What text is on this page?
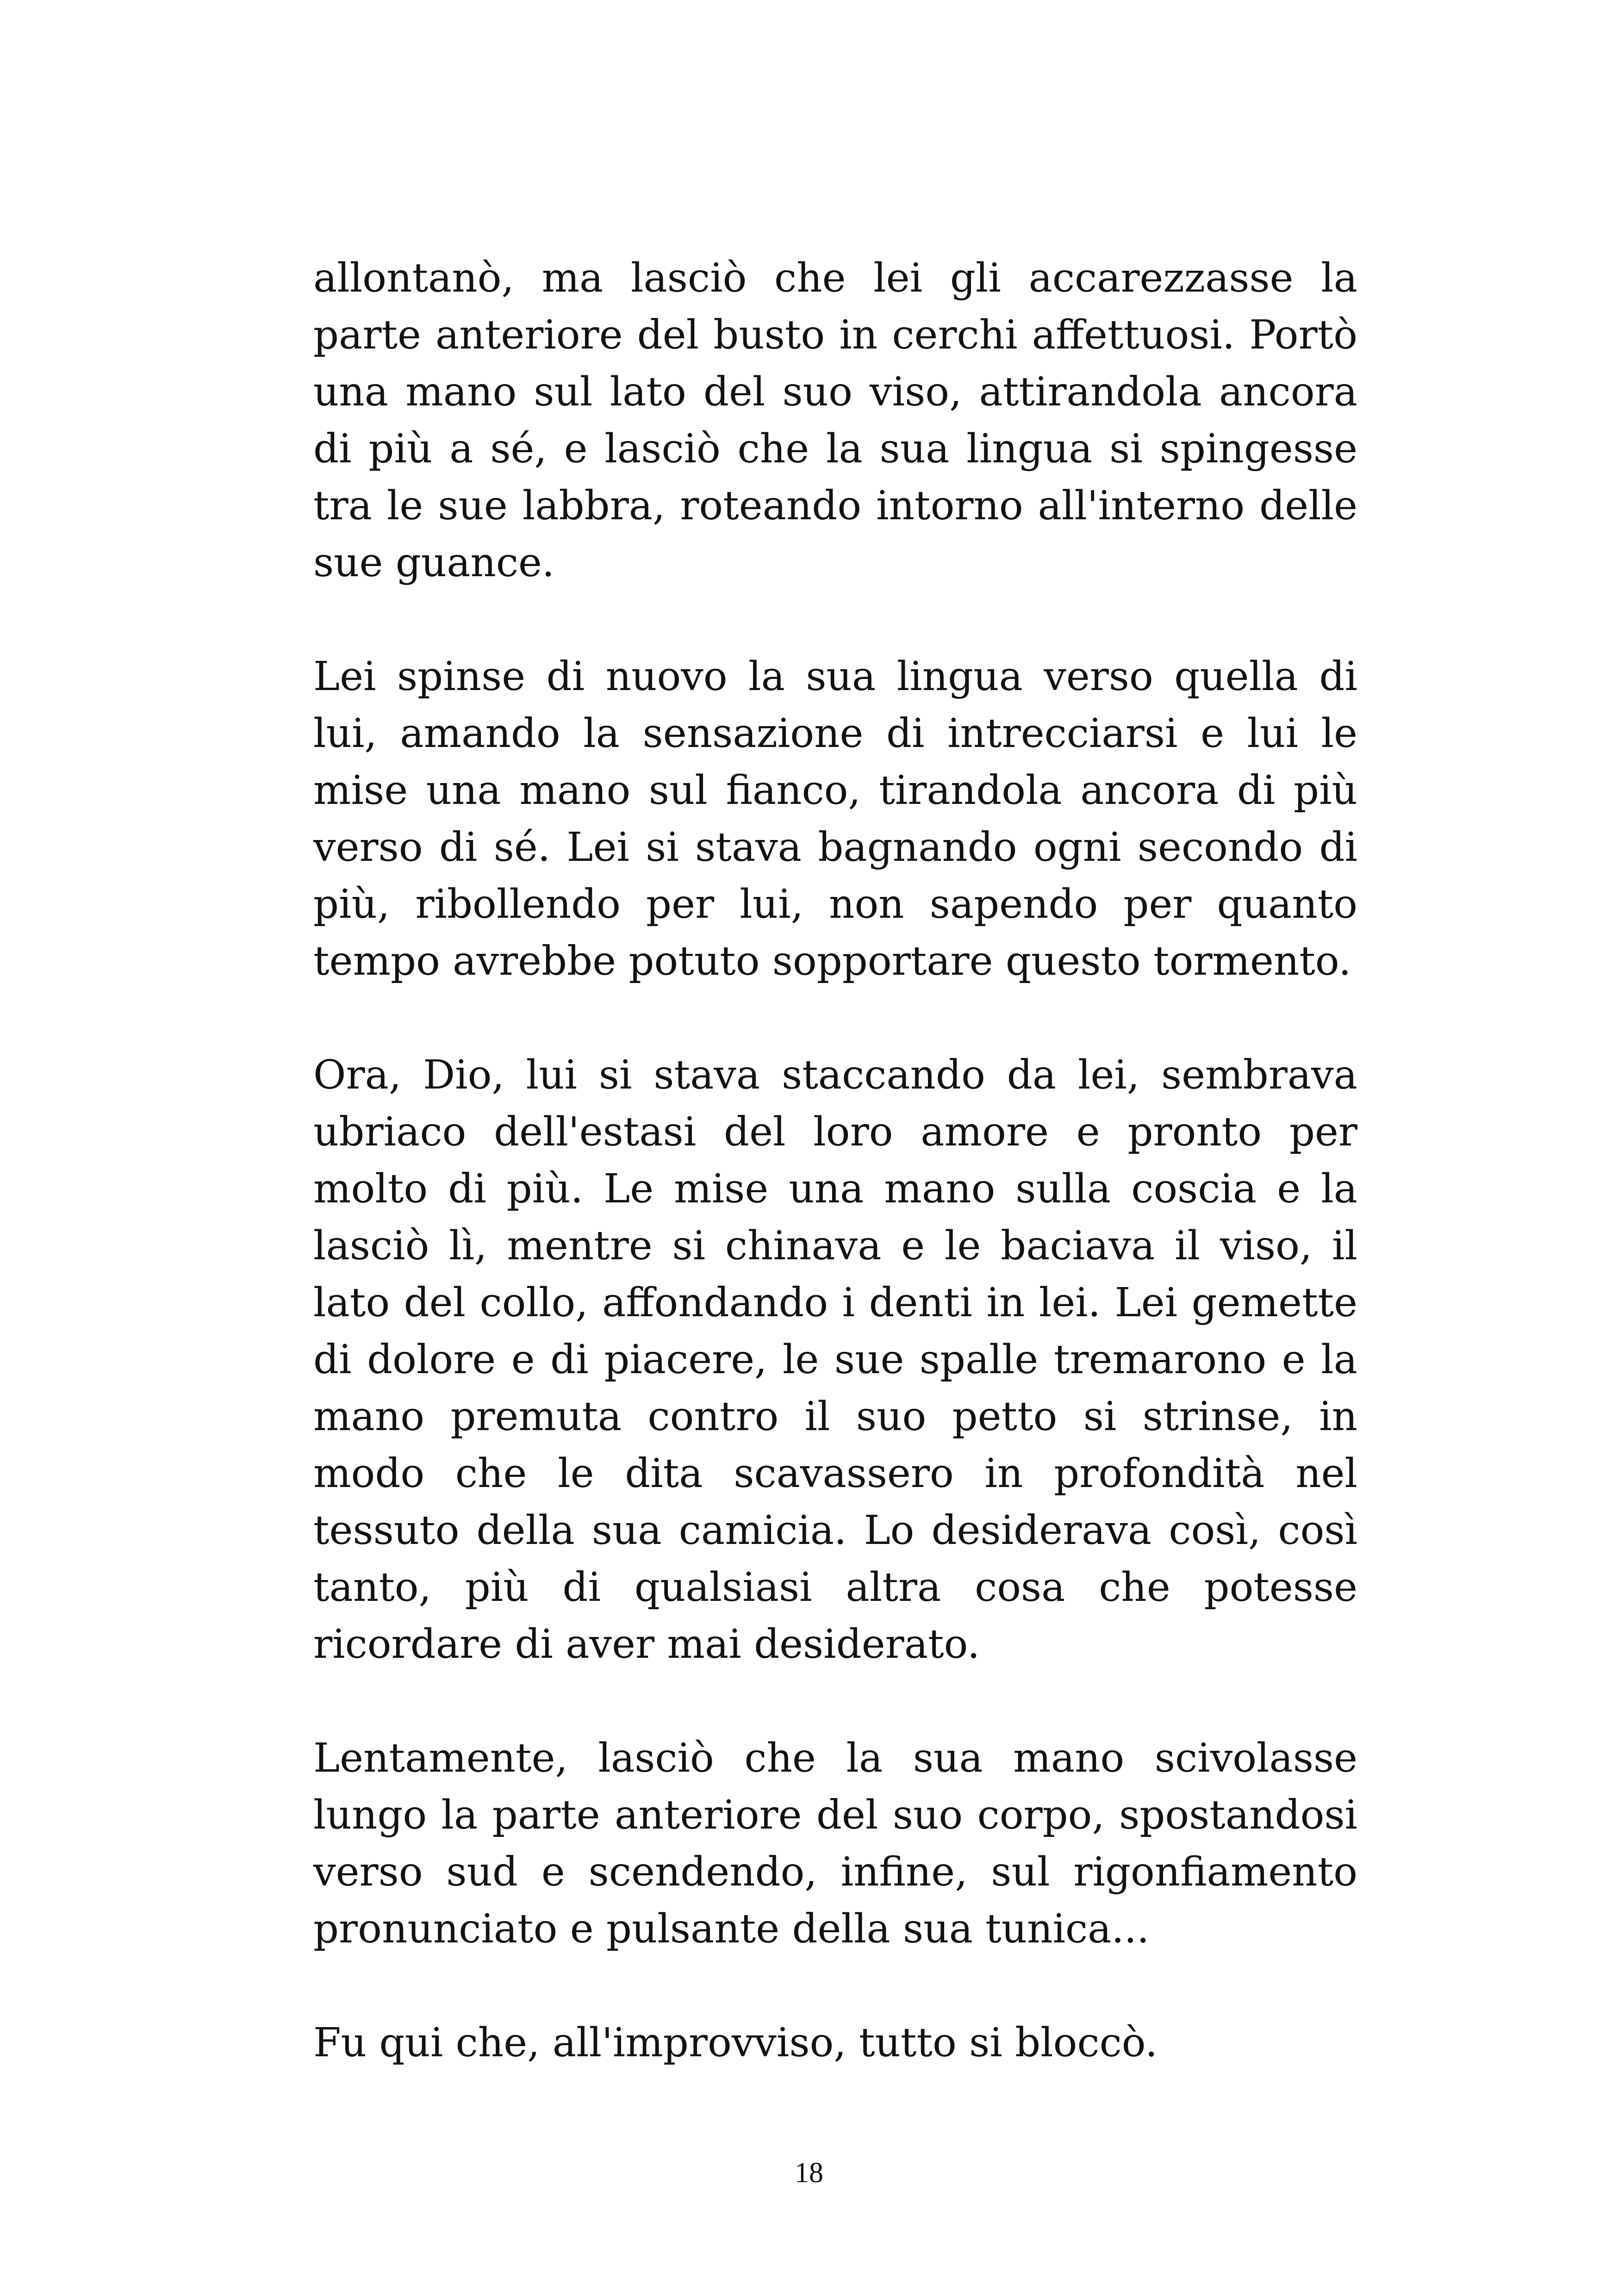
allontanò, ma lasciò che lei gli accarezzasse la parte anteriore del busto in cerchi affettuosi. Portò una mano sul lato del suo viso, attirandola ancora di più a sé, e lasciò che la sua lingua si spingesse tra le sue labbra, roteando intorno all'interno delle sue guance.

Lei spinse di nuovo la sua lingua verso quella di lui, amando la sensazione di intrecciarsi e lui le mise una mano sul fianco, tirandola ancora di più verso di sé. Lei si stava bagnando ogni secondo di più, ribollendo per lui, non sapendo per quanto tempo avrebbe potuto sopportare questo tormento.

Ora, Dio, lui si stava staccando da lei, sembrava ubriaco dell'estasi del loro amore e pronto per molto di più. Le mise una mano sulla coscia e la lasciò lì, mentre si chinava e le baciava il viso, il lato del collo, affondando i denti in lei. Lei gemette di dolore e di piacere, le sue spalle tremarono e la mano premuta contro il suo petto si strinse, in modo che le dita scavassero in profondità nel tessuto della sua camicia. Lo desiderava così, così tanto, più di qualsiasi altra cosa che potesse ricordare di aver mai desiderato.

Lentamente, lasciò che la sua mano scivolasse lungo la parte anteriore del suo corpo, spostandosi verso sud e scendendo, infine, sul rigonfiamento pronunciato e pulsante della sua tunica...

Fu qui che, all'improvviso, tutto si bloccò.

18
